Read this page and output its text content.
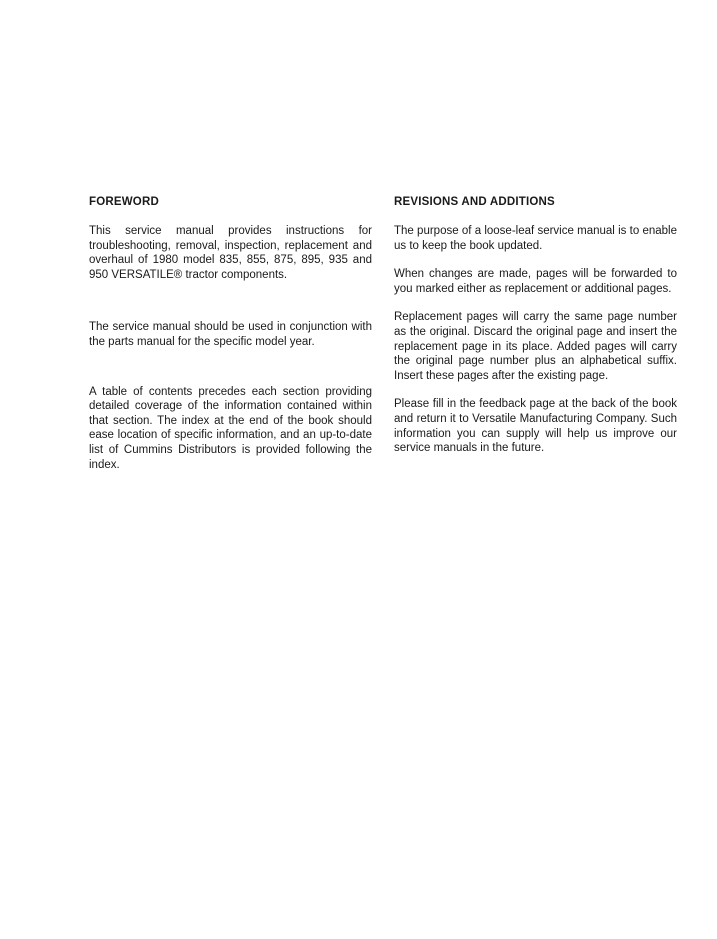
FOREWORD

This service manual provides instructions for troubleshooting, removal, inspection, replacement and overhaul of 1980 model 835, 855, 875, 895, 935 and 950 VERSATILE® tractor components.

The service manual should be used in conjunction with the parts manual for the specific model year.

A table of contents precedes each section providing detailed coverage of the information contained within that section. The index at the end of the book should ease location of specific information, and an up-to-date list of Cummins Distributors is provided following the index.

REVISIONS AND ADDITIONS

The purpose of a loose-leaf service manual is to enable us to keep the book updated.

When changes are made, pages will be forwarded to you marked either as replacement or additional pages.

Replacement pages will carry the same page number as the original. Discard the original page and insert the replacement page in its place. Added pages will carry the original page number plus an alphabetical suffix. Insert these pages after the existing page.

Please fill in the feedback page at the back of the book and return it to Versatile Manufacturing Company. Such information you can supply will help us improve our service manuals in the future.
